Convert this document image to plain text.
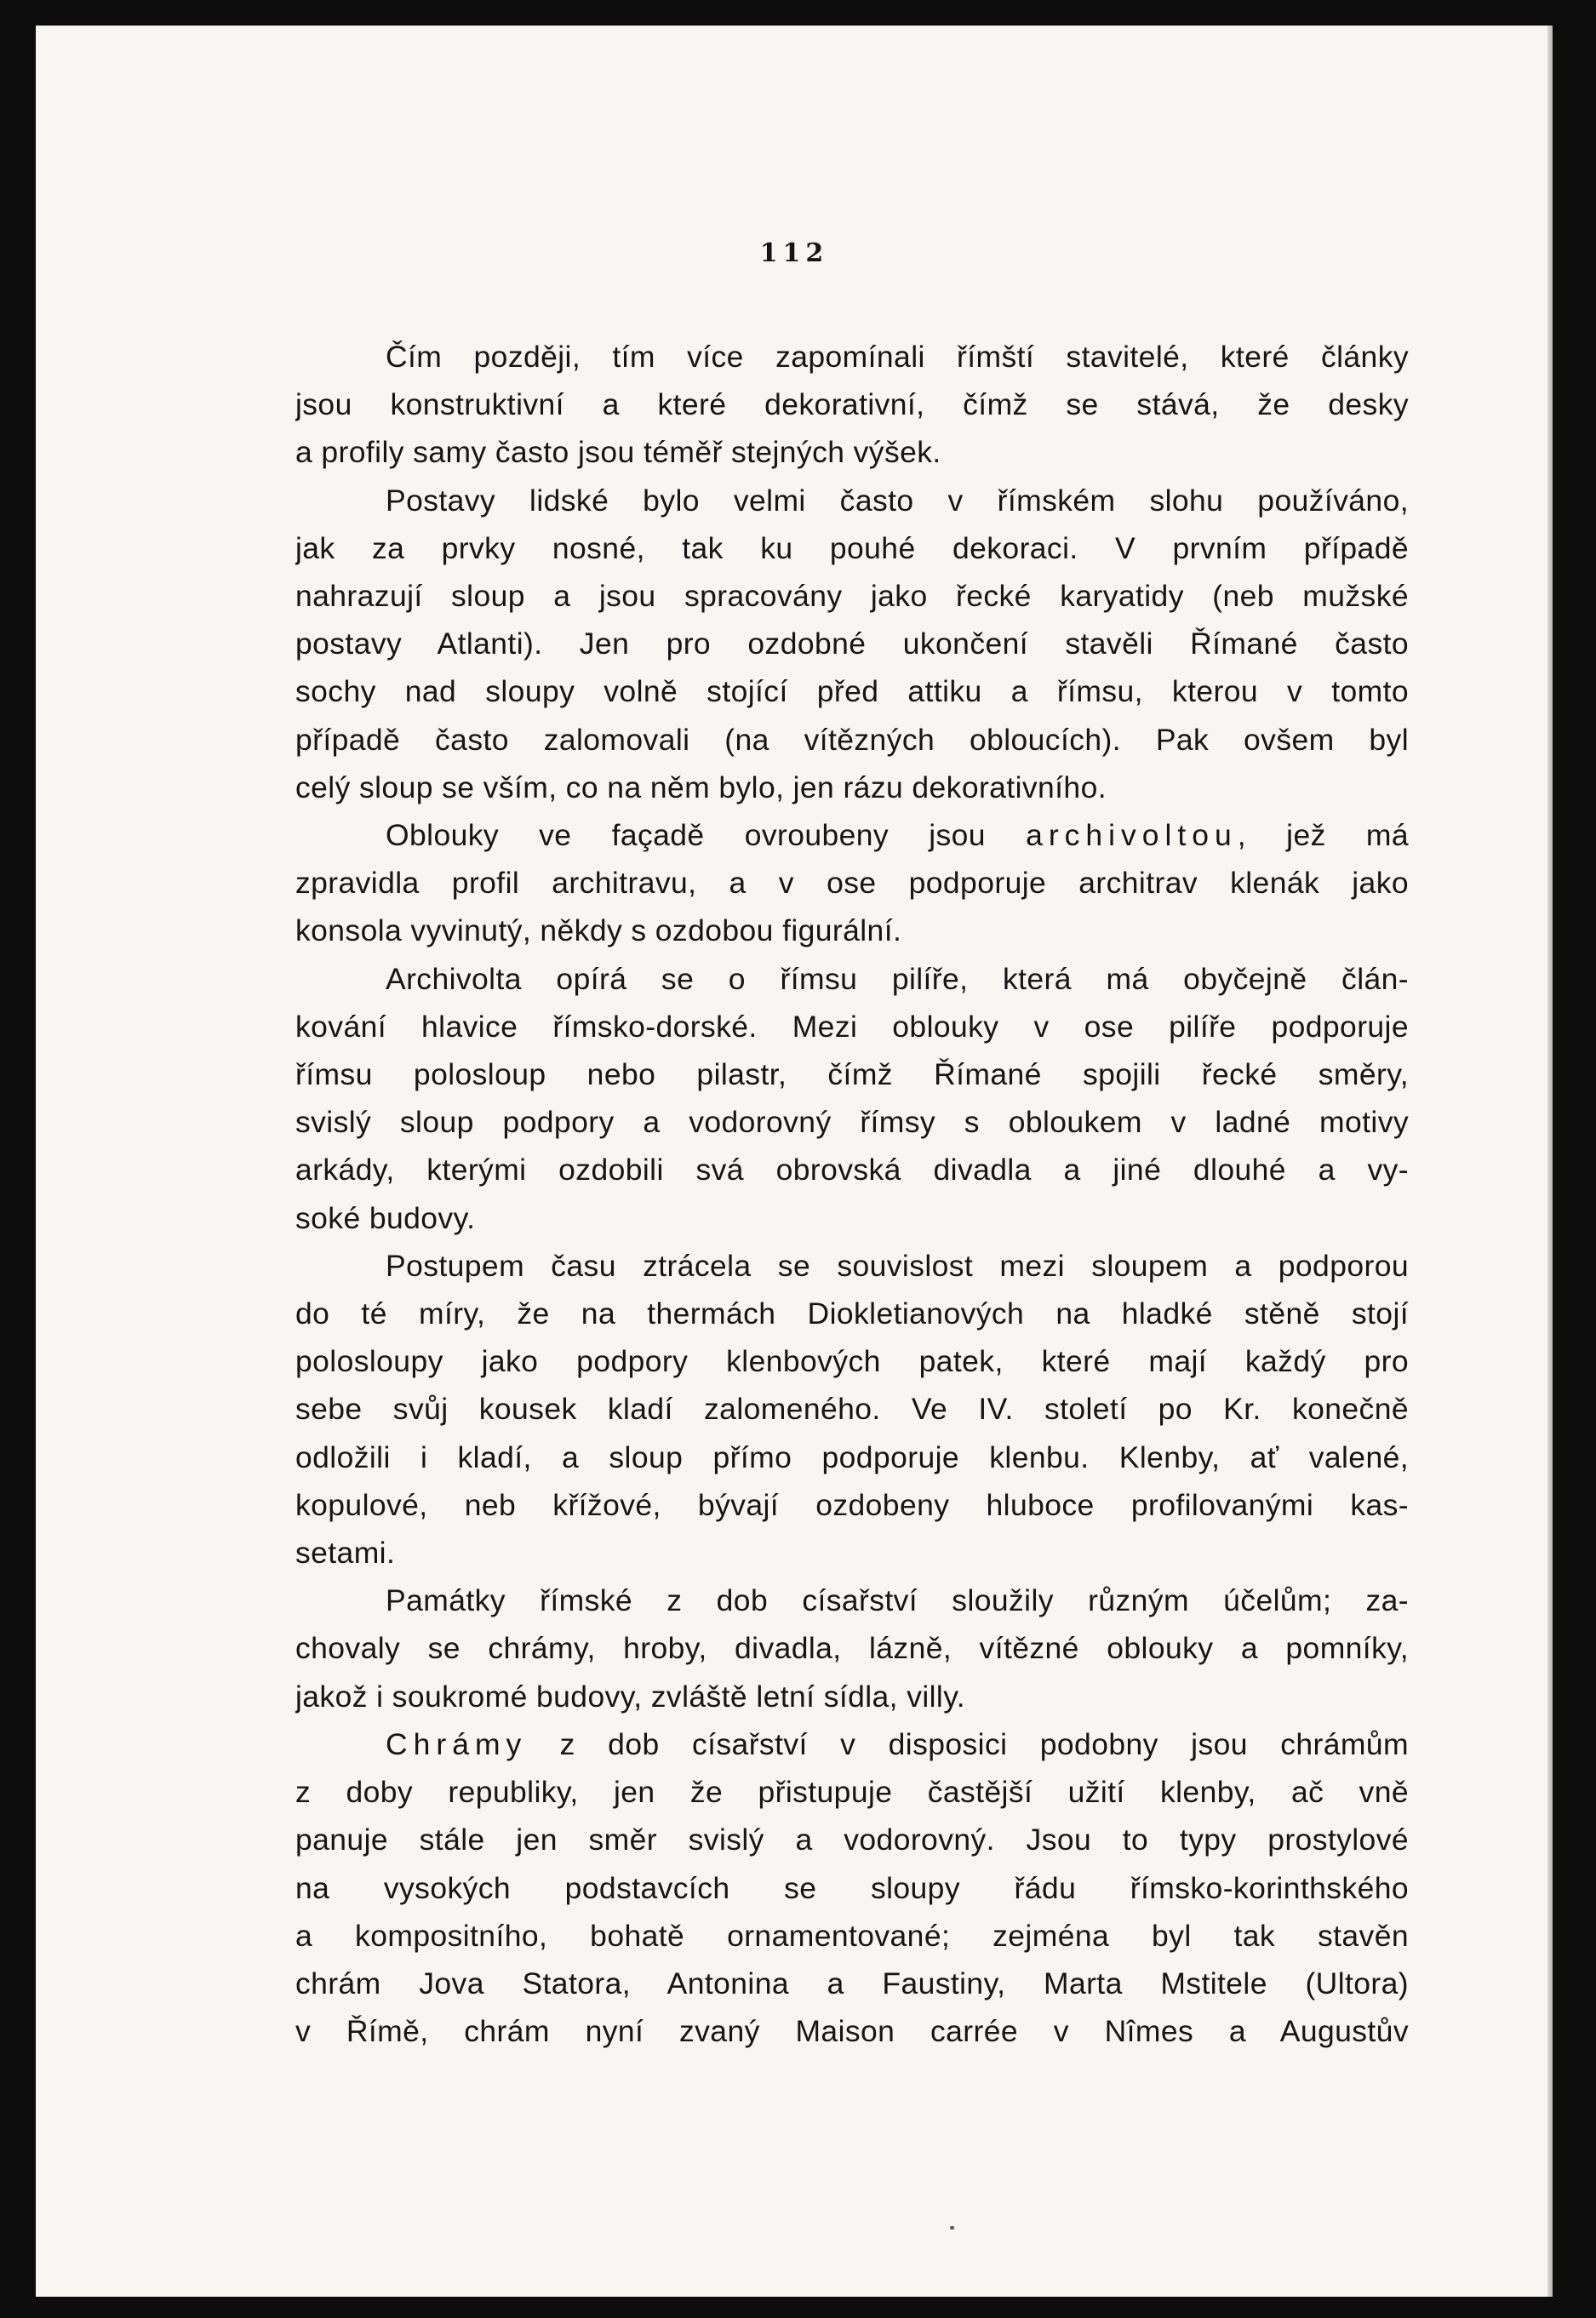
112
Čím později, tím více zapomínali římští stavitelé, které články
jsou konstruktivní a které dekorativní, čímž se stává, že desky
a profily samy často jsou téměř stejných výšek.
Postavy lidské bylo velmi často v římském slohu používáno,
jak za prvky nosné, tak ku pouhé dekoraci. V prvním případě
nahrazují sloup a jsou spracovány jako řecké karyatidy (neb mužské
postavy Atlanti). Jen pro ozdobné ukončení stavěli Římané často
sochy nad sloupy volně stojící před attiku a římsu, kterou v tomto
případě často zalomovali (na vítězných obloucích). Pak ovšem byl
celý sloup se vším, co na něm bylo, jen rázu dekorativního.
Oblouky ve façadě ovroubeny jsou archivoltou, jež má
zpravidla profil architravu, a v ose podporuje architrav klenák jako
konsola vyvinutý, někdy s ozdobou figurální.
Archivolta opírá se o římsu pilíře, která má obyčejně člán-
kování hlavice římsko-dorské. Mezi oblouky v ose pilíře podporuje
římsu polosloup nebo pilastr, čímž Římané spojili řecké směry,
svislý sloup podpory a vodorovný římsy s obloukem v ladné motivy
arkády, kterými ozdobili svá obrovská divadla a jiné dlouhé a vy-
soké budovy.
Postupem času ztrácela se souvislost mezi sloupem a podporou
do té míry, že na thermách Diokletianových na hladké stěně stojí
polosloupy jako podpory klenbových patek, které mají každý pro
sebe svůj kousek kladí zalomeného. Ve IV. století po Kr. konečně
odložili i kladí, a sloup přímo podporuje klenbu. Klenby, ať valené,
kopulové, neb křížové, bývají ozdobeny hluboce profilovanými kas-
setami.
Památky římské z dob císařství sloužily různým účelům; za-
chovaly se chrámy, hroby, divadla, lázně, vítězné oblouky a pomníky,
jakož i soukromé budovy, zvláště letní sídla, villy.
Chrámy z dob císařství v disposici podobny jsou chrámům
z doby republiky, jen že přistupuje častější užití klenby, ač vně
panuje stále jen směr svislý a vodorovný. Jsou to typy prostylové
na vysokých podstavcích se sloupy řádu římsko-korinthského
a kompositního, bohatě ornamentované; zejména byl tak stavěn
chrám Jova Statora, Antonina a Faustiny, Marta Mstitele (Ultora)
v Římě, chrám nyní zvaný Maison carrée v Nîmes a Augustův
